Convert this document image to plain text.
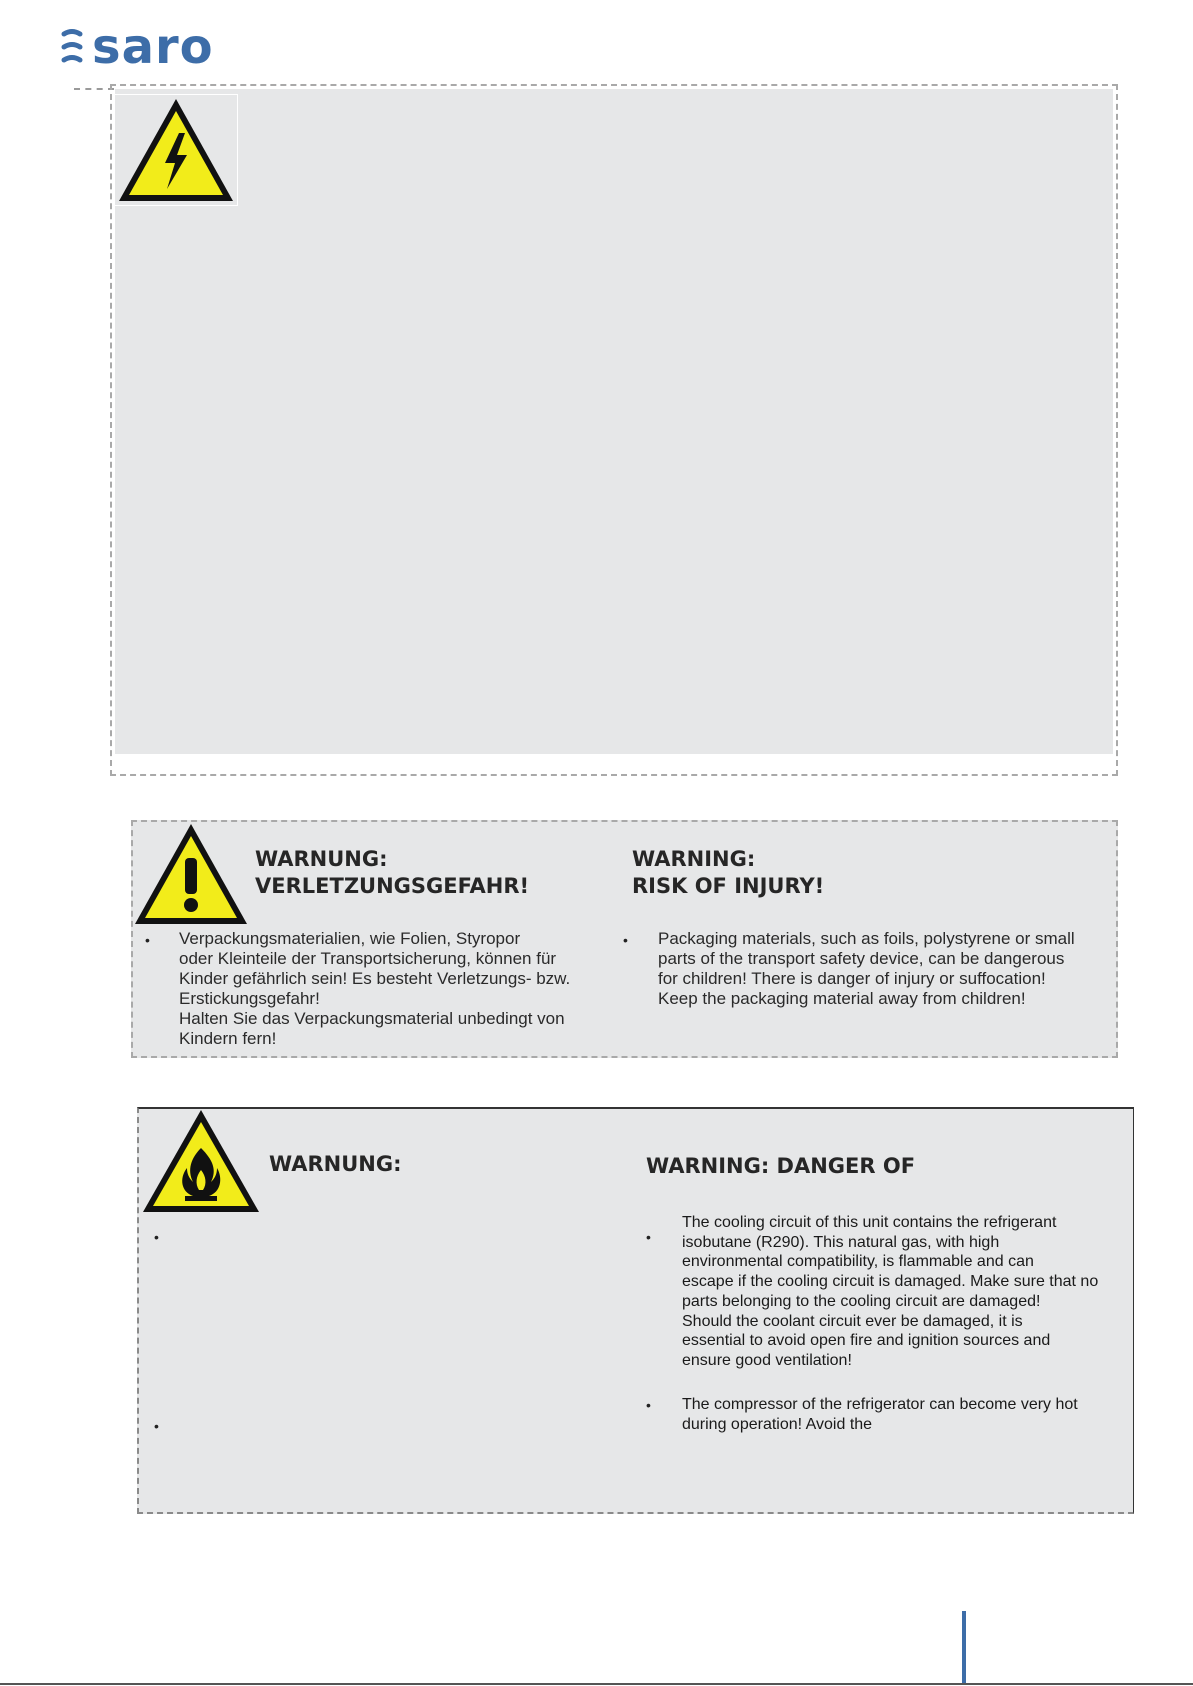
saro
WARNUNG:
VERLETZUNGSGEFAHR!
WARNING:
RISK OF INJURY!
• Verpackungsmaterialien, wie Folien, Styropor
oder Kleinteile der Transportsicherung, können für
Kinder gefährlich sein! Es besteht Verletzungs- bzw.
Erstickungsgefahr!
Halten Sie das Verpackungsmaterial unbedingt von
Kindern fern!
• Packaging materials, such as foils, polystyrene or small
parts of the transport safety device, can be dangerous
for children! There is danger of injury or suffocation!
Keep the packaging material away from children!
WARNUNG:	WARNING: DANGER OF
•
•
•
The cooling circuit of this unit contains the refrigerant
isobutane (R290). This natural gas, with high
environmental compatibility, is flammable and can
escape if the cooling circuit is damaged. Make sure that no
parts belonging to the cooling circuit are damaged!
Should the coolant circuit ever be damaged, it is
essential to avoid open fire and ignition sources and
ensure good ventilation!
• The compressor of the refrigerator can become very hot
during operation! Avoid the
